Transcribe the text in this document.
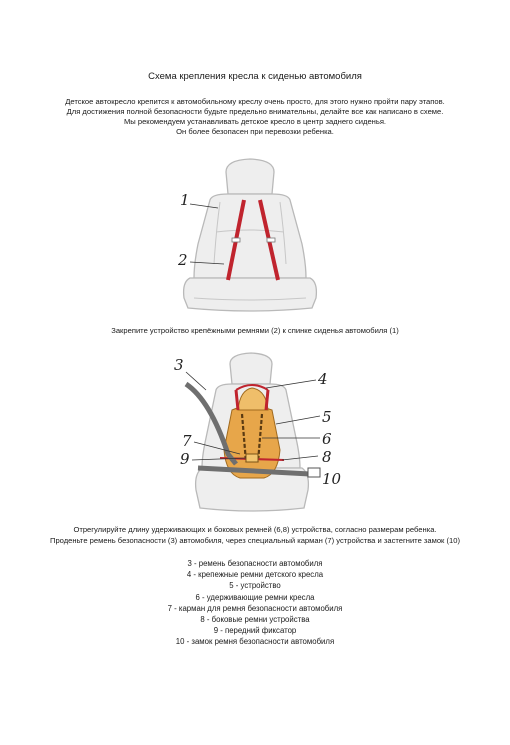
Схема крепления кресла к сиденью автомобиля
Детское автокресло крепится к автомобильному креслу очень просто, для этого нужно пройти пару этапов.
Для достижения полной безопасности будьте предельно внимательны, делайте все как написано в схеме.
Мы рекомендуем устанавливать детское кресло в центр заднего сиденья.
Он более безопасен при перевозки ребенка.
1
2
Закрепите устройство крепёжными ремнями (2) к спинке сиденья автомобиля (1)
3
4
5
6
7
9	8
10
Отрегулируйте длину удерживающих и боковых ремней (6,8) устройства, согласно размерам ребенка.
Проденьте ремень безопасности (3) автомобиля, через специальный карман (7) устройства и застегните замок (10)
3 - ремень безопасности автомобиля
4 - крепежные ремни детского кресла
5 - устройство
6 - удерживающие ремни кресла
7 - карман для ремня безопасности автомобиля
8 - боковые ремни устройства
9 - передний фиксатор
10 - замок ремня безопасности автомобиля
